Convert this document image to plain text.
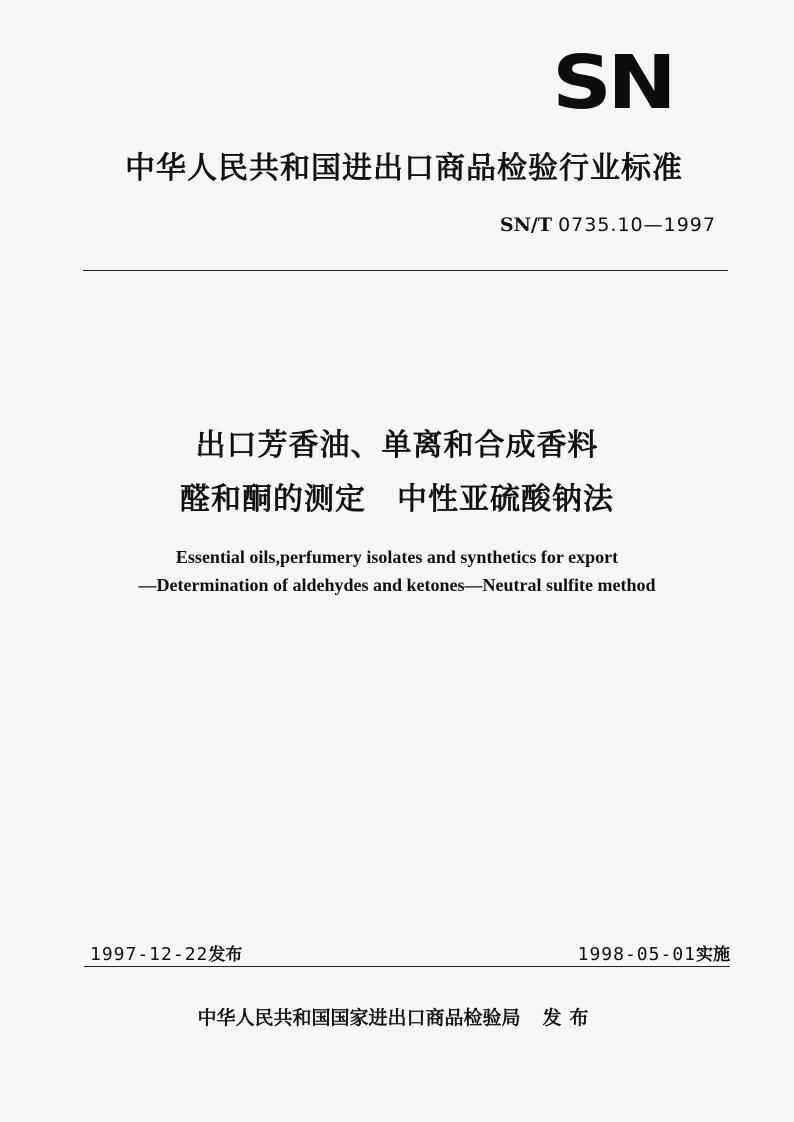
SN
中华人民共和国进出口商品检验行业标准
SN/T 0735.10—1997
出口芳香油、单离和合成香料
醛和酮的测定　中性亚硫酸钠法
Essential oils,perfumery isolates and synthetics for export
—Determination of aldehydes and ketones—Neutral sulfite method
1997-12-22发布	1998-05-01实施
中华人民共和国国家进出口商品检验局 发布
